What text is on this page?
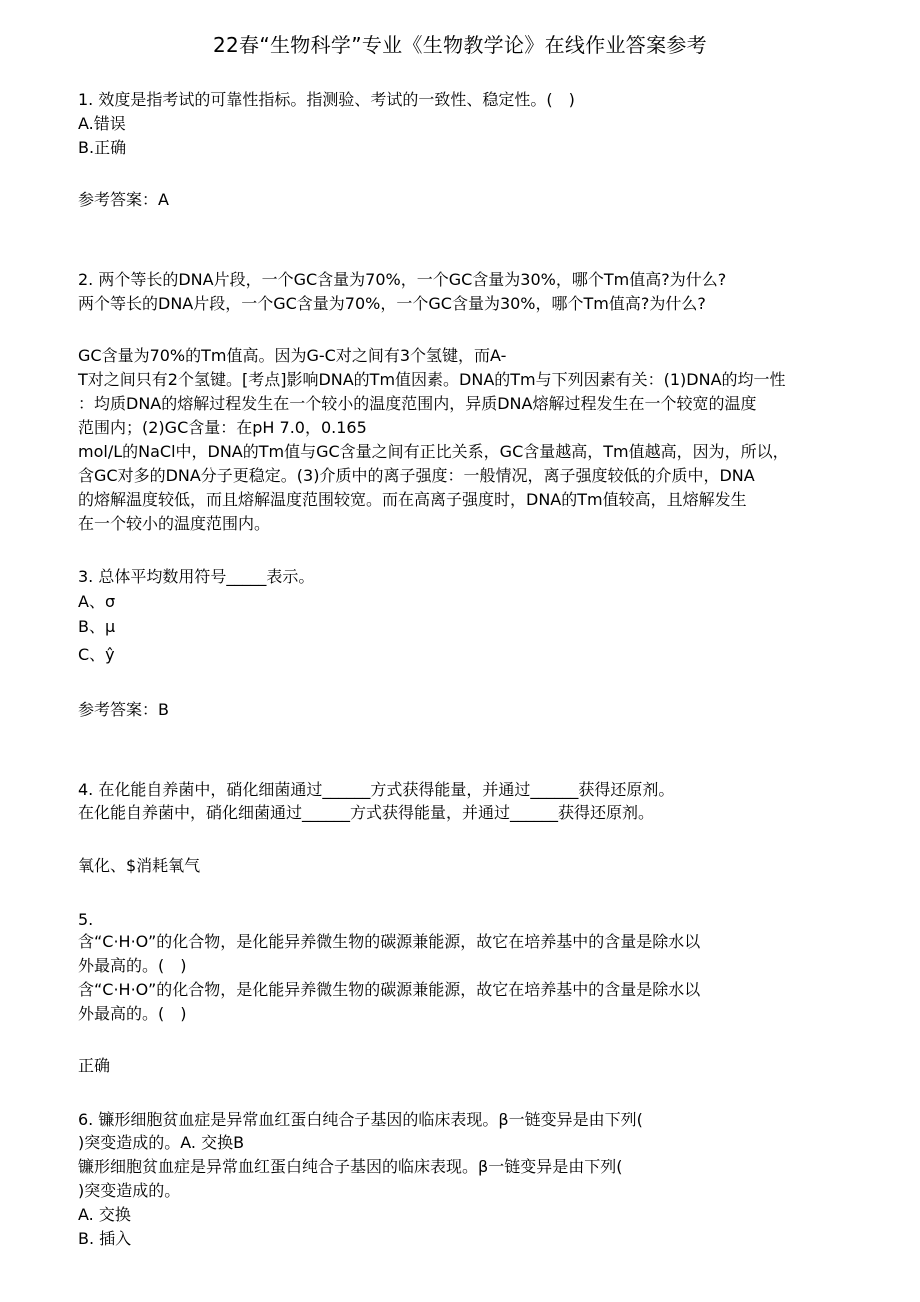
22春“生物科学”专业《生物教学论》在线作业答案参考

1. 效度是指考试的可靠性指标。指测验、考试的一致性、稳定性。(　)

A.错误

B.正确

参考答案：A

2. 两个等长的DNA片段，一个GC含量为70%，一个GC含量为30%，哪个Tm值高?为什么?

两个等长的DNA片段，一个GC含量为70%，一个GC含量为30%，哪个Tm值高?为什么?

GC含量为70%的Tm值高。因为G-C对之间有3个氢键，而A-

T对之间只有2个氢键。[考点]影响DNA的Tm值因素。DNA的Tm与下列因素有关：(1)DNA的均一性

：均质DNA的熔解过程发生在一个较小的温度范围内，异质DNA熔解过程发生在一个较宽的温度

范围内；(2)GC含量：在pH 7.0，0.165

mol/L的NaCl中，DNA的Tm值与GC含量之间有正比关系，GC含量越高，Tm值越高，因为，所以，

含GC对多的DNA分子更稳定。(3)介质中的离子强度：一般情况，离子强度较低的介质中，DNA

的熔解温度较低，而且熔解温度范围较宽。而在高离子强度时，DNA的Tm值较高，且熔解发生

在一个较小的温度范围内。

3. 总体平均数用符号_____表示。

A、σ

B、μ

C、ŷ

参考答案：B

4. 在化能自养菌中，硝化细菌通过______方式获得能量，并通过______获得还原剂。

在化能自养菌中，硝化细菌通过______方式获得能量，并通过______获得还原剂。

氧化、$消耗氧气

5.

含“C·H·O”的化合物，是化能异养微生物的碳源兼能源，故它在培养基中的含量是除水以

外最高的。(　)

含“C·H·O”的化合物，是化能异养微生物的碳源兼能源，故它在培养基中的含量是除水以

外最高的。(　)

正确

6. 镰形细胞贫血症是异常血红蛋白纯合子基因的临床表现。β一链变异是由下列(

)突变造成的。A. 交换B

镰形细胞贫血症是异常血红蛋白纯合子基因的临床表现。β一链变异是由下列(

)突变造成的。

A. 交换

B. 插入
